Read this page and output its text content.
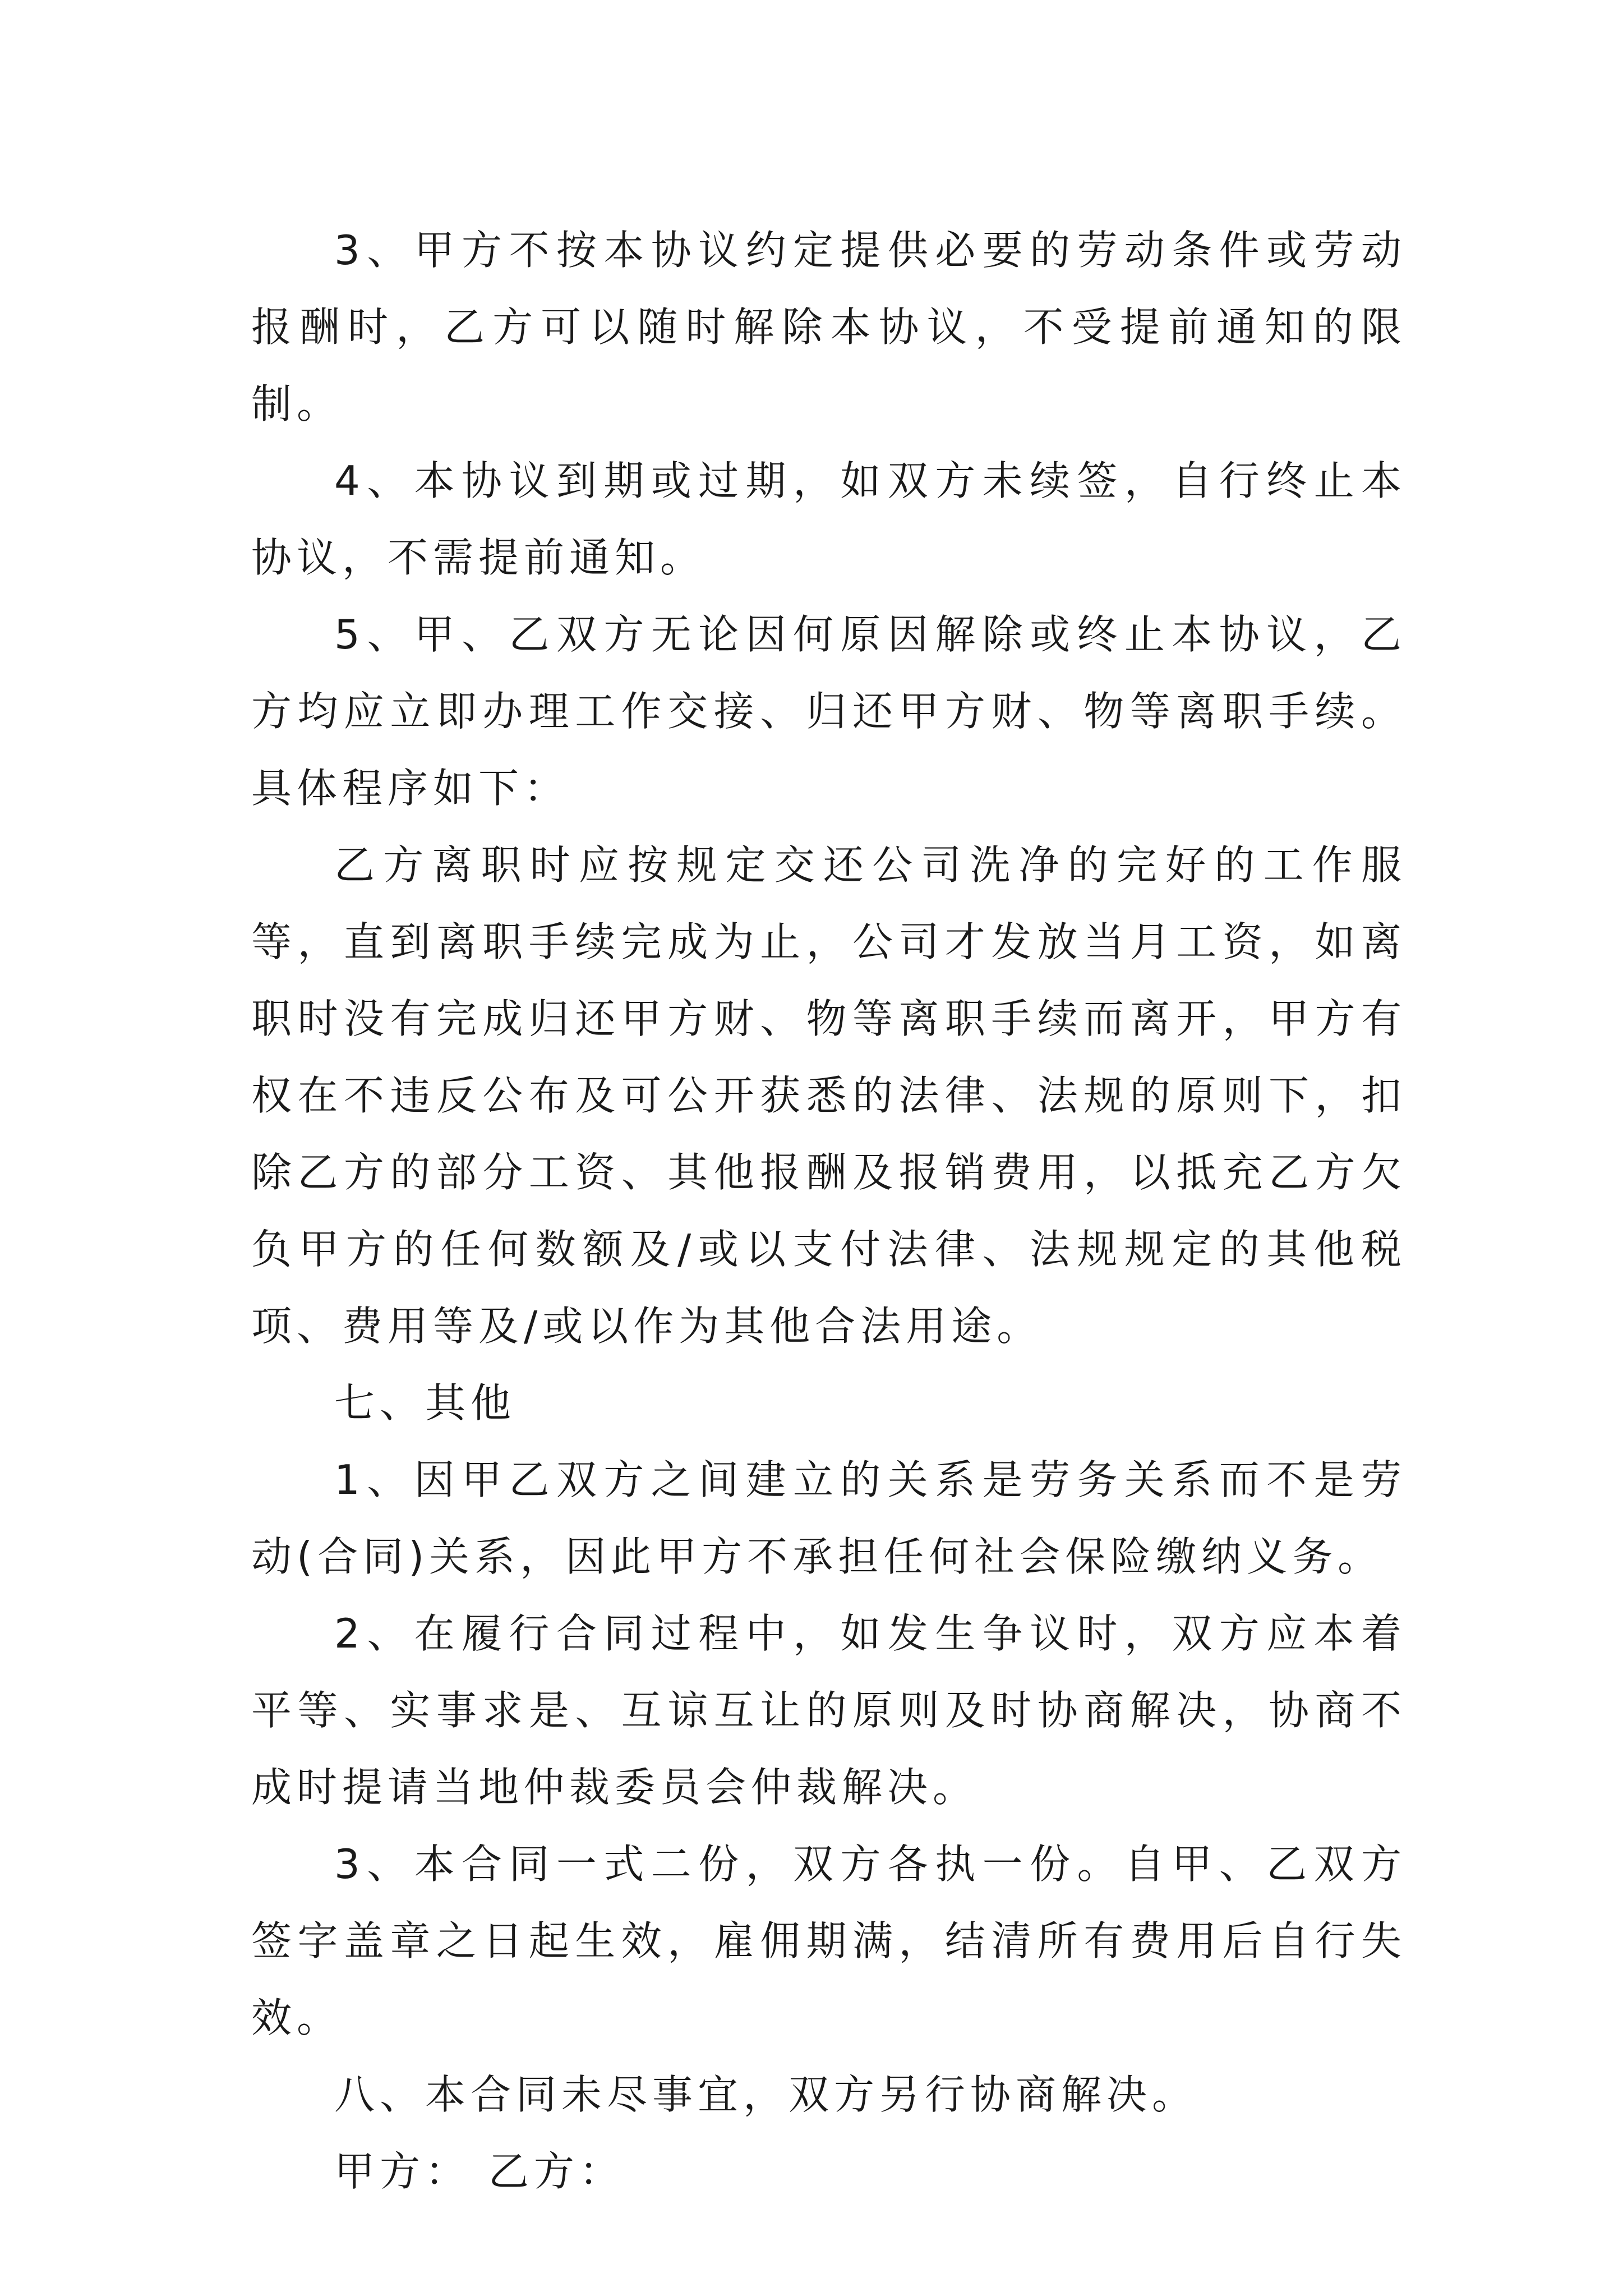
3、甲方不按本协议约定提供必要的劳动条件或劳动报酬时，乙方可以随时解除本协议，不受提前通知的限制。

4、本协议到期或过期，如双方未续签，自行终止本协议，不需提前通知。

5、甲、乙双方无论因何原因解除或终止本协议，乙方均应立即办理工作交接、归还甲方财、物等离职手续。具体程序如下：

乙方离职时应按规定交还公司洗净的完好的工作服等，直到离职手续完成为止，公司才发放当月工资，如离职时没有完成归还甲方财、物等离职手续而离开，甲方有权在不违反公布及可公开获悉的法律、法规的原则下，扣除乙方的部分工资、其他报酬及报销费用，以抵充乙方欠负甲方的任何数额及/或以支付法律、法规规定的其他税项、费用等及/或以作为其他合法用途。

七、其他

1、因甲乙双方之间建立的关系是劳务关系而不是劳动(合同)关系，因此甲方不承担任何社会保险缴纳义务。

2、在履行合同过程中，如发生争议时，双方应本着平等、实事求是、互谅互让的原则及时协商解决，协商不成时提请当地仲裁委员会仲裁解决。

3、本合同一式二份，双方各执一份。自甲、乙双方签字盖章之日起生效，雇佣期满，结清所有费用后自行失效。

八、本合同未尽事宜，双方另行协商解决。

甲方： 乙方：
